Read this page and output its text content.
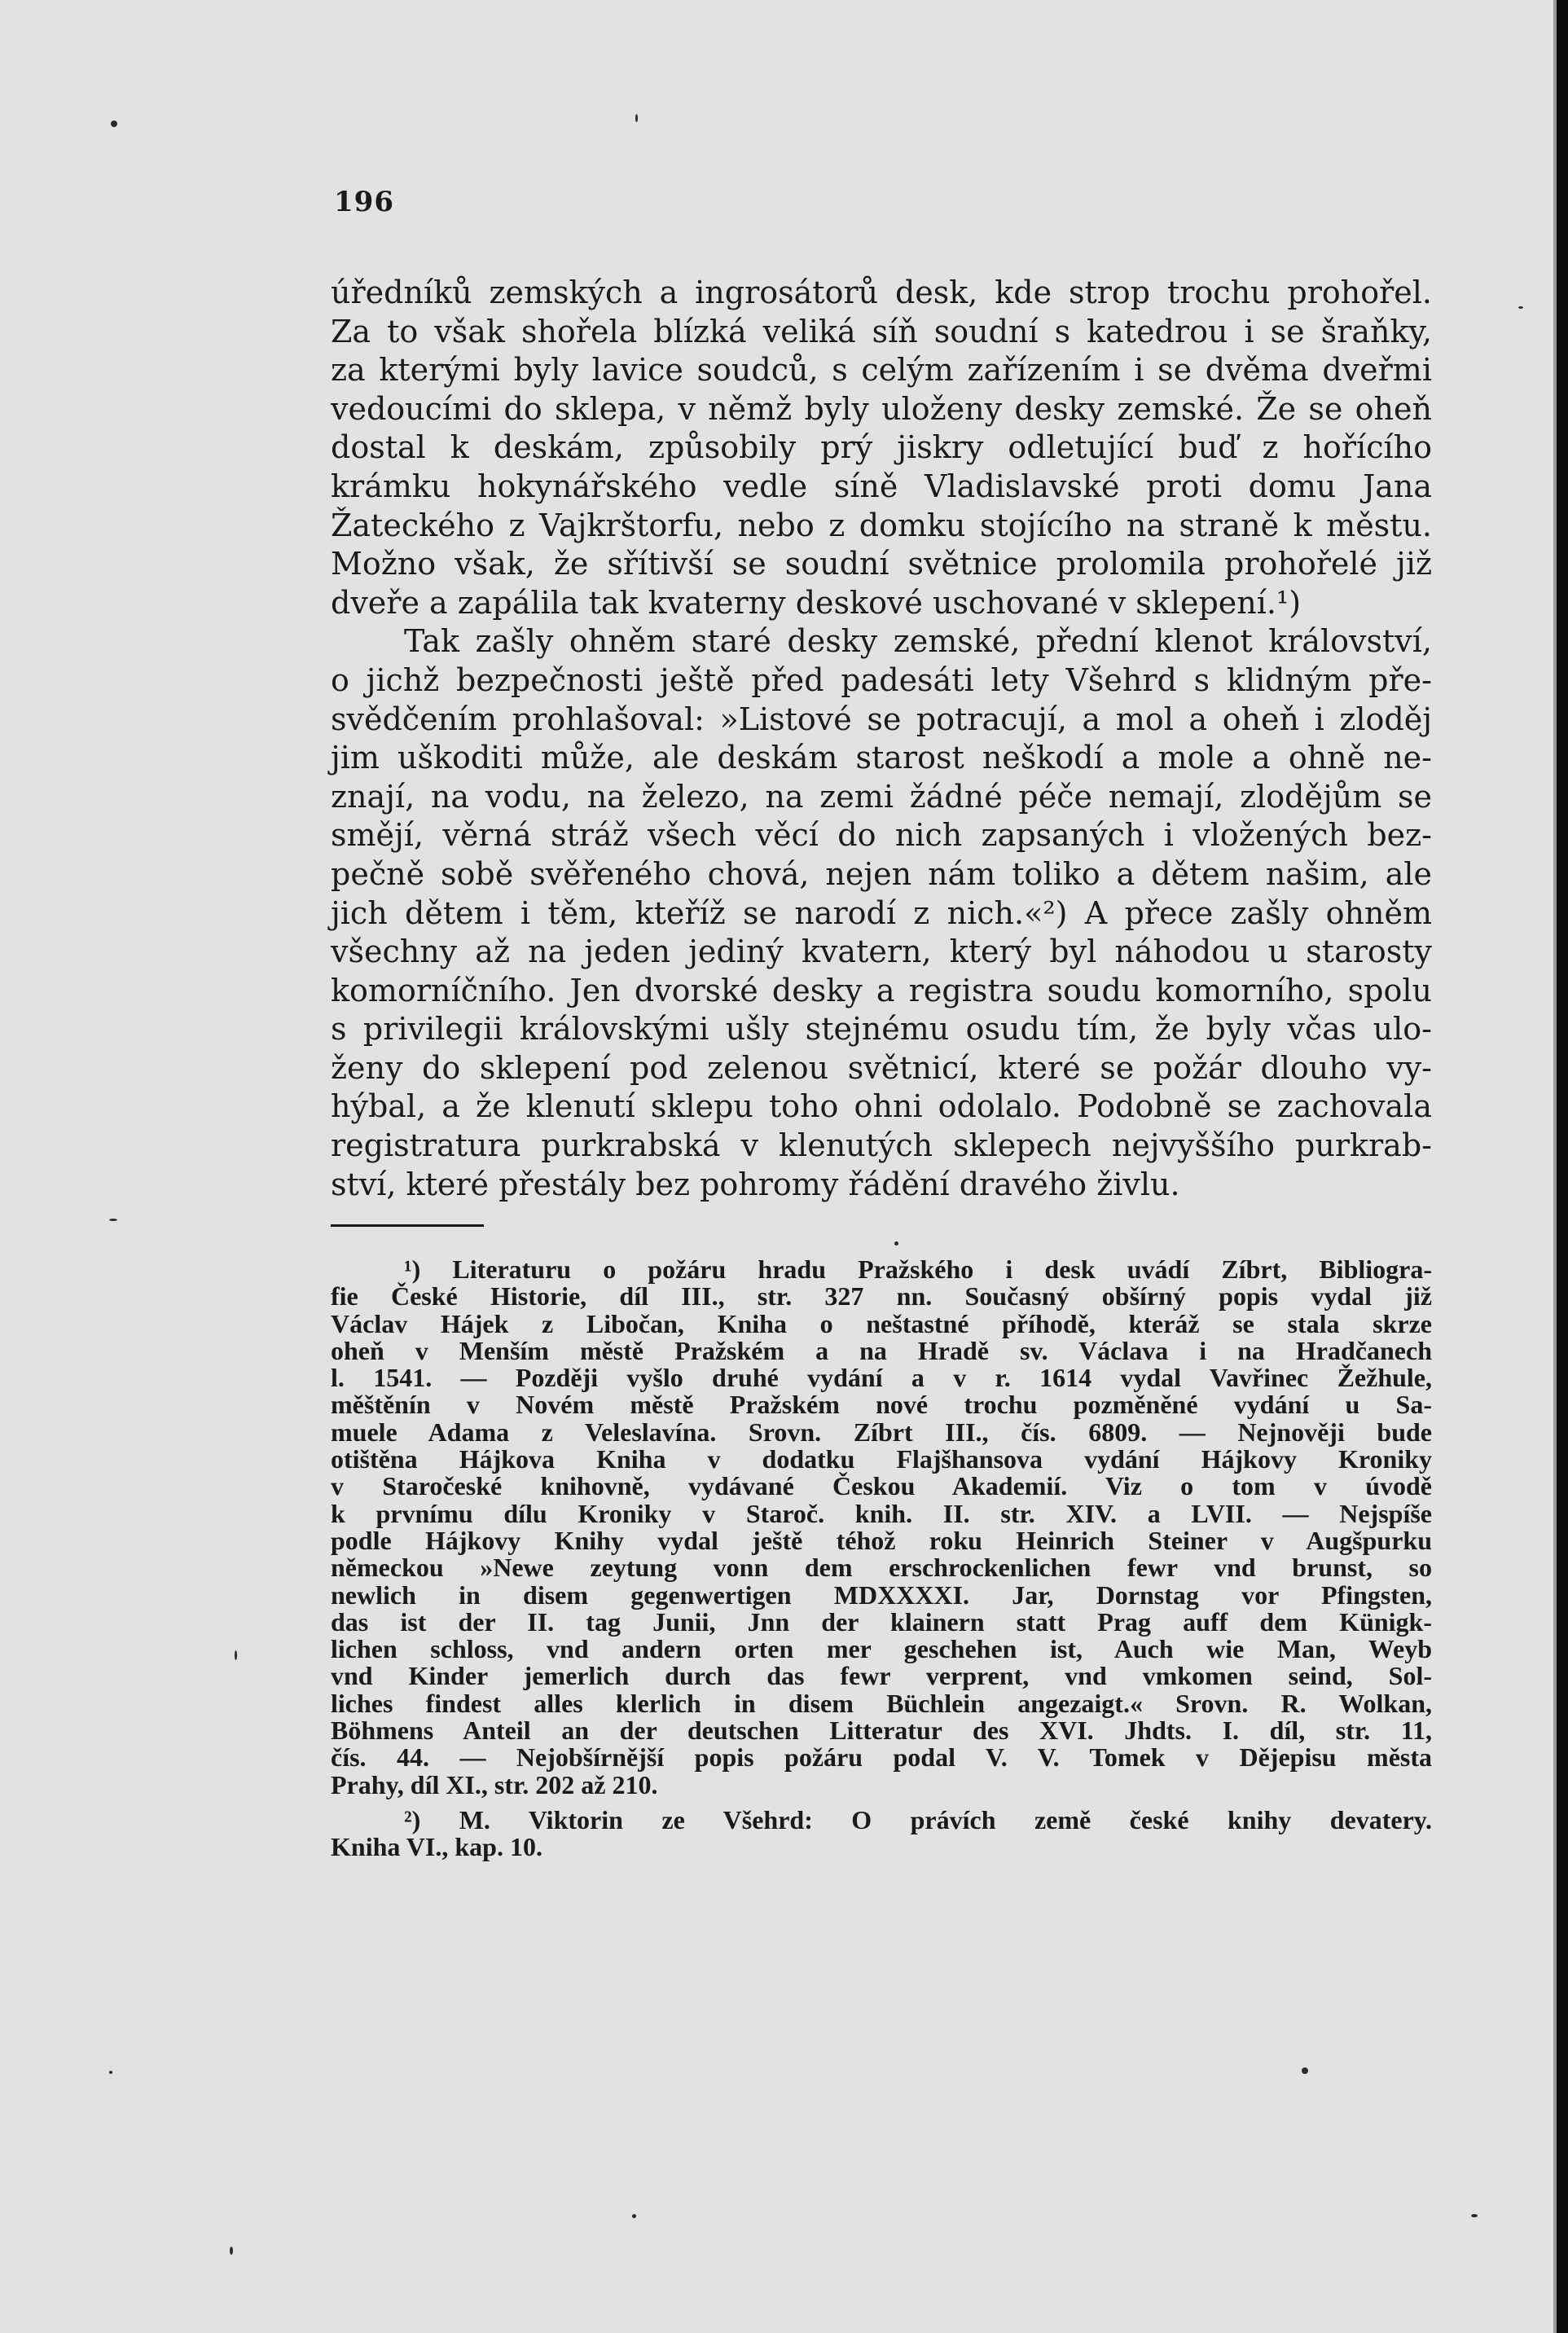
196
úředníků zemských a ingrosátorů desk, kde strop trochu prohořel.
Za to však shořela blízká veliká síň soudní s katedrou i se šraňky,
za kterými byly lavice soudců, s celým zařízením i se dvěma dveřmi
vedoucími do sklepa, v němž byly uloženy desky zemské. Že se oheň
dostal k deskám, způsobily prý jiskry odletující buď z hořícího
krámku hokynářského vedle síně Vladislavské proti domu Jana
Žateckého z Vajkrštorfu, nebo z domku stojícího na straně k městu.
Možno však, že sřítivší se soudní světnice prolomila prohořelé již
dveře a zapálila tak kvaterny deskové uschované v sklepení.¹)
Tak zašly ohněm staré desky zemské, přední klenot království,
o jichž bezpečnosti ještě před padesáti lety Všehrd s klidným pře-
svědčením prohlašoval: »Listové se potracují, a mol a oheň i zloděj
jim uškoditi může, ale deskám starost neškodí a mole a ohně ne-
znají, na vodu, na železo, na zemi žádné péče nemají, zlodějům se
smějí, věrná stráž všech věcí do nich zapsaných i vložených bez-
pečně sobě svěřeného chová, nejen nám toliko a dětem našim, ale
jich dětem i těm, kteříž se narodí z nich.«²) A přece zašly ohněm
všechny až na jeden jediný kvatern, který byl náhodou u starosty
komorníčního. Jen dvorské desky a registra soudu komorního, spolu
s privilegii královskými ušly stejnému osudu tím, že byly včas ulo-
ženy do sklepení pod zelenou světnicí, které se požár dlouho vy-
hýbal, a že klenutí sklepu toho ohni odolalo. Podobně se zachovala
registratura purkrabská v klenutých sklepech nejvyššího purkrab-
ství, které přestály bez pohromy řádění dravého živlu.
¹) Literaturu o požáru hradu Pražského i desk uvádí Zíbrt, Bibliogra-
fie České Historie, díl III., str. 327 nn. Současný obšírný popis vydal již
Václav Hájek z Libočan, Kniha o neštastné příhodě, kteráž se stala skrze
oheň v Menším městě Pražském a na Hradě sv. Václava i na Hradčanech
l. 1541. — Později vyšlo druhé vydání a v r. 1614 vydal Vavřinec Žežhule,
měštěnín v Novém městě Pražském nové trochu pozměněné vydání u Sa-
muele Adama z Veleslavína. Srovn. Zíbrt III., čís. 6809. — Nejnověji bude
otištěna Hájkova Kniha v dodatku Flajšhansova vydání Hájkovy Kroniky
v Staročeské knihovně, vydávané Českou Akademií. Viz o tom v úvodě
k prvnímu dílu Kroniky v Staroč. knih. II. str. XIV. a LVII. — Nejspíše
podle Hájkovy Knihy vydal ještě téhož roku Heinrich Steiner v Augšpurku
německou »Newe zeytung vonn dem erschrockenlichen fewr vnd brunst, so
newlich in disem gegenwertigen MDXXXXI. Jar, Dornstag vor Pfingsten,
das ist der II. tag Junii, Jnn der klainern statt Prag auff dem Künigk-
lichen schloss, vnd andern orten mer geschehen ist, Auch wie Man, Weyb
vnd Kinder jemerlich durch das fewr verprent, vnd vmkomen seind, Sol-
liches findest alles klerlich in disem Büchlein angezaigt.« Srovn. R. Wolkan,
Böhmens Anteil an der deutschen Litteratur des XVI. Jhdts. I. díl, str. 11,
čís. 44. — Nejobšírnější popis požáru podal V. V. Tomek v Dějepisu města
Prahy, díl XI., str. 202 až 210.
²) M. Viktorin ze Všehrd: O právích země české knihy devatery.
Kniha VI., kap. 10.
